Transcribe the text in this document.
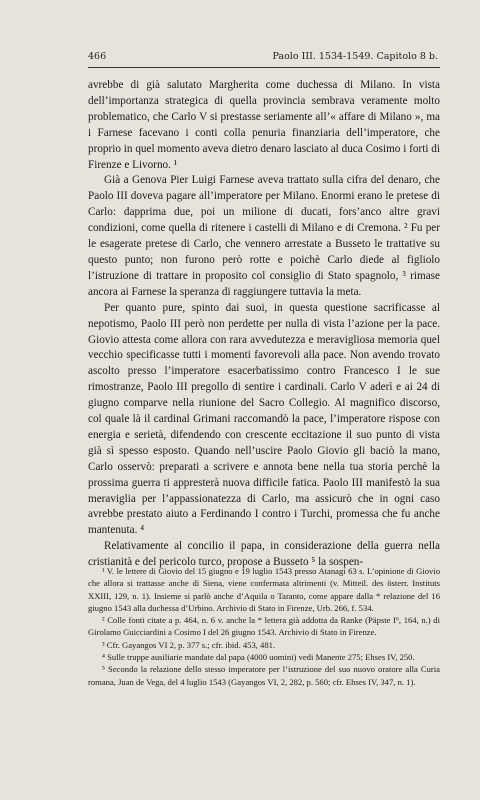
466	Paolo III. 1534-1549. Capitolo 8 b.

avrebbe di già salutato Margherita come duchessa di Milano. In vista dell’importanza strategica di quella provincia sembrava veramente molto problematico, che Carlo V si prestasse seriamente all’« affare di Milano », ma i Farnese facevano i conti colla penuria finanziaria dell’imperatore, che proprio in quel momento aveva dietro denaro lasciato al duca Cosimo i forti di Firenze e Livorno. ¹

Già a Genova Pier Luigi Farnese aveva trattato sulla cifra del denaro, che Paolo III doveva pagare all’imperatore per Milano. Enormi erano le pretese di Carlo: dapprima due, poi un milione di ducati, fors’anco altre gravi condizioni, come quella di ritenere i castelli di Milano e di Cremona. ² Fu per le esagerate pretese di Carlo, che vennero arrestate a Busseto le trattative su questo punto; non furono però rotte e poichè Carlo diede al figliolo l’istruzione di trattare in proposito col consiglio di Stato spagnolo, ³ rimase ancora ai Farnese la speranza di raggiungere tuttavia la meta.

Per quanto pure, spinto dai suoi, in questa questione sacrificasse al nepotismo, Paolo III però non perdette per nulla di vista l’azione per la pace. Giovio attesta come allora con rara avvedutezza e meravigliosa memoria quel vecchio specificasse tutti i momenti favorevoli alla pace. Non avendo trovato ascolto presso l’imperatore esacerbatissimo contro Francesco I le sue rimostranze, Paolo III pregollo di sentire i cardinali. Carlo V aderì e ai 24 di giugno comparve nella riunione del Sacro Collegio. Al magnifico discorso, col quale là il cardinal Grimani raccomandò la pace, l’imperatore rispose con energia e serietà, difendendo con crescente eccitazione il suo punto di vista già sì spesso esposto. Quando nell’uscire Paolo Giovio gli baciò la mano, Carlo osservò: preparati a scrivere e annota bene nella tua storia perchè la prossima guerra ti appresterà nuova difficile fatica. Paolo III manifestò la sua meraviglia per l’appassionatezza di Carlo, ma assicurò che in ogni caso avrebbe prestato aiuto a Ferdinando I contro i Turchi, promessa che fu anche mantenuta. ⁴

Relativamente al concilio il papa, in considerazione della guerra nella cristianità e del pericolo turco, propose a Busseto ⁵ la sospen-

¹ V. le lettere di Giovio del 15 giugno e 19 luglio 1543 presso Atanagi 63 s. L’opinione di Giovio che allora si trattasse anche di Siena, viene confermata altrimenti (v. Mitteil. des österr. Instituts XXIII, 129, n. 1). Insieme si parlò anche d’Aquila o Taranto, come appare dalla * relazione del 16 giugno 1543 alla duchessa d’Urbino. Archivio di Stato in Firenze, Urb. 266, f. 534.

² Colle fonti citate a p. 464, n. 6 v. anche la * lettera già addotta da Ranke (Päpste I⁶, 164, n.) di Girolamo Guicciardini a Cosimo I del 26 giugno 1543. Archivio di Stato in Firenze.

³ Cfr. Gayangos VI 2, p. 377 s.; cfr. ibid. 453, 481.

⁴ Sulle truppe ausiliarie mandate dal papa (4000 uomini) vedi Manente 275; Ehses IV, 250.

⁵ Secondo la relazione dello stesso imperatore per l’istruzione del suo nuovo oratore alla Curia romana, Juan de Vega, del 4 luglio 1543 (Gayangos VI, 2, 282, p. 560; cfr. Ehses IV, 347, n. 1).
